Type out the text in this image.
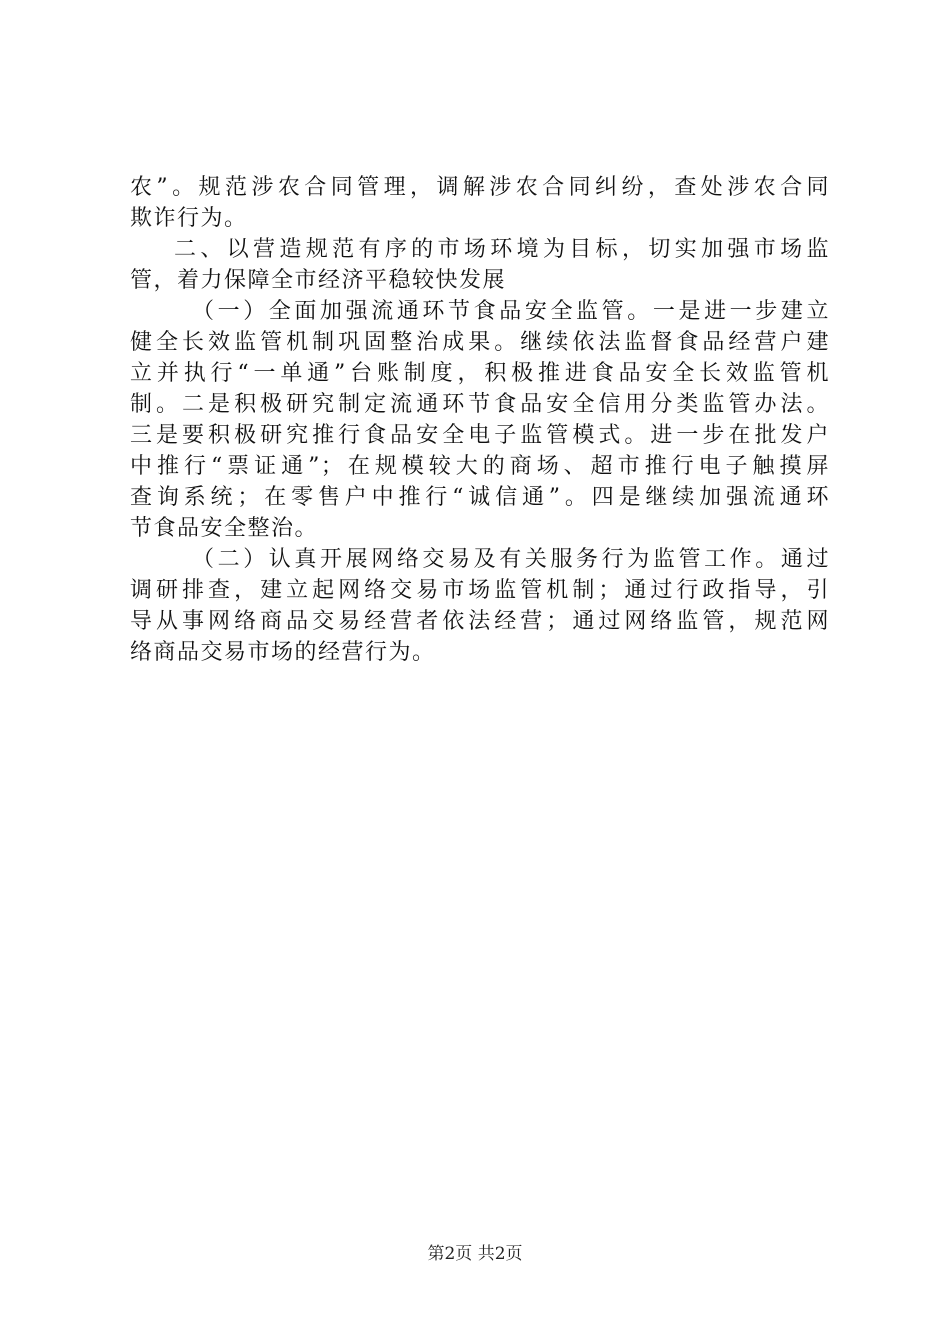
农”。规范涉农合同管理，调解涉农合同纠纷，查处涉农合同
欺诈行为。
二、以营造规范有序的市场环境为目标，切实加强市场监
管，着力保障全市经济平稳较快发展
（一）全面加强流通环节食品安全监管。一是进一步建立
健全长效监管机制巩固整治成果。继续依法监督食品经营户建
立并执行“一单通”台账制度，积极推进食品安全长效监管机
制。二是积极研究制定流通环节食品安全信用分类监管办法。
三是要积极研究推行食品安全电子监管模式。进一步在批发户
中推行“票证通”；在规模较大的商场、超市推行电子触摸屏
查询系统；在零售户中推行“诚信通”。四是继续加强流通环
节食品安全整治。
（二）认真开展网络交易及有关服务行为监管工作。通过
调研排查，建立起网络交易市场监管机制；通过行政指导，引
导从事网络商品交易经营者依法经营；通过网络监管，规范网
络商品交易市场的经营行为。
第2页 共2页
